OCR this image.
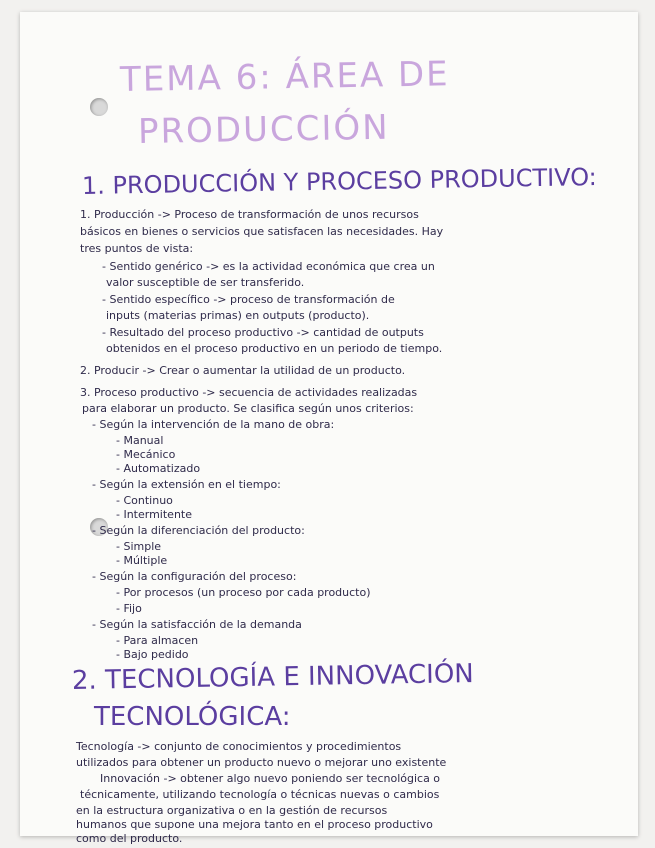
TEMA 6: ÁREA DE
PRODUCCIÓN
1. PRODUCCIÓN Y PROCESO PRODUCTIVO:
1. Producción -> Proceso de transformación de unos recursos
básicos en bienes o servicios que satisfacen las necesidades. Hay
tres puntos de vista:
- Sentido genérico -> es la actividad económica que crea un
valor susceptible de ser transferido.
- Sentido específico -> proceso de transformación de
inputs (materias primas) en outputs (producto).
- Resultado del proceso productivo -> cantidad de outputs
obtenidos en el proceso productivo en un periodo de tiempo.
2. Producir -> Crear o aumentar la utilidad de un producto.
3. Proceso productivo -> secuencia de actividades realizadas
para elaborar un producto. Se clasifica según unos criterios:
- Según la intervención de la mano de obra:
- Manual
- Mecánico
- Automatizado
- Según la extensión en el tiempo:
- Continuo
- Intermitente
- Según la diferenciación del producto:
- Simple
- Múltiple
- Según la configuración del proceso:
- Por procesos (un proceso por cada producto)
- Fijo
- Según la satisfacción de la demanda
- Para almacen
- Bajo pedido
2. TECNOLOGÍA E INNOVACIÓN
TECNOLÓGICA:
Tecnología -> conjunto de conocimientos y procedimientos
utilizados para obtener un producto nuevo o mejorar uno existente
Innovación -> obtener algo nuevo poniendo ser tecnológica o
técnicamente, utilizando tecnología o técnicas nuevas o cambios
en la estructura organizativa o en la gestión de recursos
humanos que supone una mejora tanto en el proceso productivo
como del producto.
